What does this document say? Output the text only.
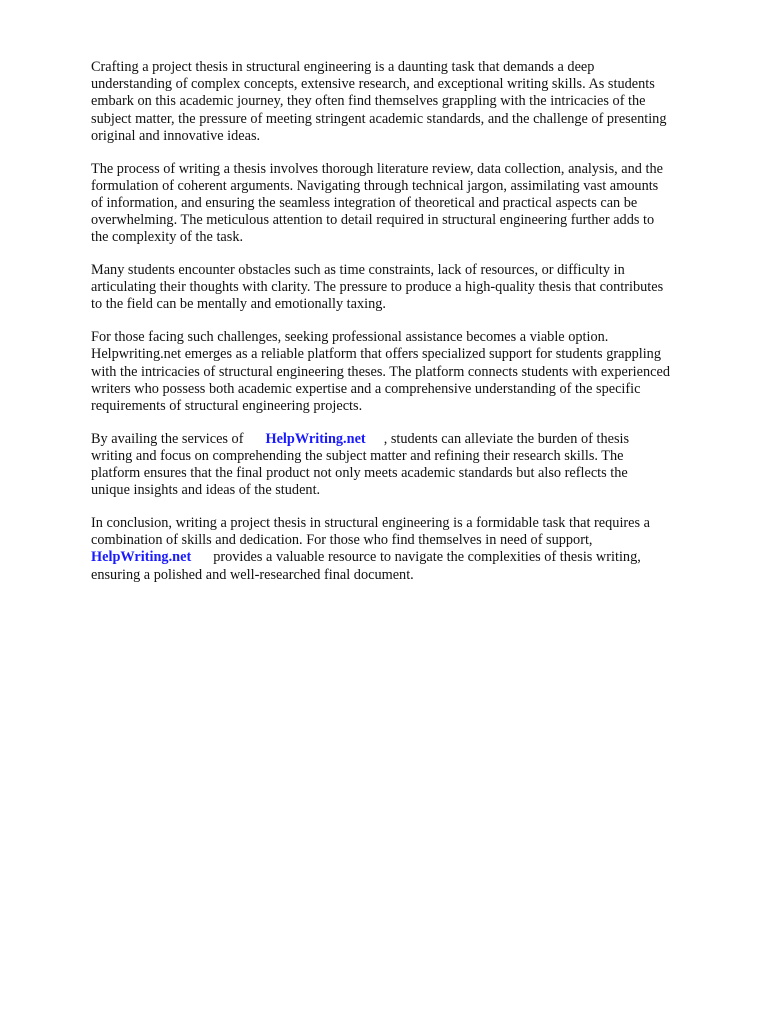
Crafting a project thesis in structural engineering is a daunting task that demands a deep
understanding of complex concepts, extensive research, and exceptional writing skills. As students
embark on this academic journey, they often find themselves grappling with the intricacies of the
subject matter, the pressure of meeting stringent academic standards, and the challenge of presenting
original and innovative ideas.

The process of writing a thesis involves thorough literature review, data collection, analysis, and the
formulation of coherent arguments. Navigating through technical jargon, assimilating vast amounts
of information, and ensuring the seamless integration of theoretical and practical aspects can be
overwhelming. The meticulous attention to detail required in structural engineering further adds to
the complexity of the task.

Many students encounter obstacles such as time constraints, lack of resources, or difficulty in
articulating their thoughts with clarity. The pressure to produce a high-quality thesis that contributes
to the field can be mentally and emotionally taxing.

For those facing such challenges, seeking professional assistance becomes a viable option.
Helpwriting.net emerges as a reliable platform that offers specialized support for students grappling
with the intricacies of structural engineering theses. The platform connects students with experienced
writers who possess both academic expertise and a comprehensive understanding of the specific
requirements of structural engineering projects.

By availing the services of HelpWriting.net , students can alleviate the burden of thesis
writing and focus on comprehending the subject matter and refining their research skills. The
platform ensures that the final product not only meets academic standards but also reflects the
unique insights and ideas of the student.

In conclusion, writing a project thesis in structural engineering is a formidable task that requires a
combination of skills and dedication. For those who find themselves in need of support,
HelpWriting.net provides a valuable resource to navigate the complexities of thesis writing,
ensuring a polished and well-researched final document.
